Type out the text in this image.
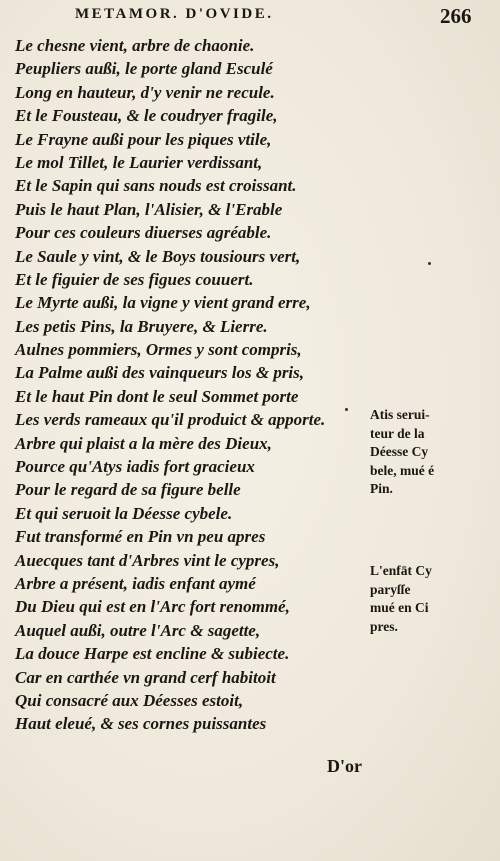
METAMOR. D'OVIDE.	266
Le chesne vient, arbre de chaonie.
Peupliers außi, le porte gland Esculé
Long en hauteur, d'y venir ne recule.
Et le Fousteau, & le coudryer fragile,
Le Frayne außi pour les piques vtile,
Le mol Tillet, le Laurier verdissant,
Et le Sapin qui sans nouds est croissant.
Puis le haut Plan, l'Alisier, & l'Erable
Pour ces couleurs diuerses agréable.
Le Saule y vint, & le Boys tousiours vert,
Et le figuier de ses figues couuert.
Le Myrte außi, la vigne y vient grand erre,
Les petis Pins, la Bruyere, & Lierre.
Aulnes pommiers, Ormes y sont compris,
La Palme außi des vainqueurs los & pris,
Et le haut Pin dont le seul Sommet porte
Les verds rameaux qu'il produict & apporte.
Arbre qui plaist a la mère des Dieux,
Pource qu'Atys iadis fort gracieux
Pour le regard de sa figure belle
Et qui seruoit la Déesse cybele.
Fut transformé en Pin vn peu apres
Auecques tant d'Arbres vint le cypres,
Arbre a présent, iadis enfant aymé
Du Dieu qui est en l'Arc fort renommé,
Auquel außi, outre l'Arc & sagette,
La douce Harpe est encline & subiecte.
Car en carthée vn grand cerf habitoit
Qui consacré aux Déesses estoit,
Haut eleué, & ses cornes puissantes
Atis serui-
teur de la
Déesse Cy
bele, mué é
Pin.
L'enfāt Cy
paryſſe
mué en Ci
pres.
D'or
